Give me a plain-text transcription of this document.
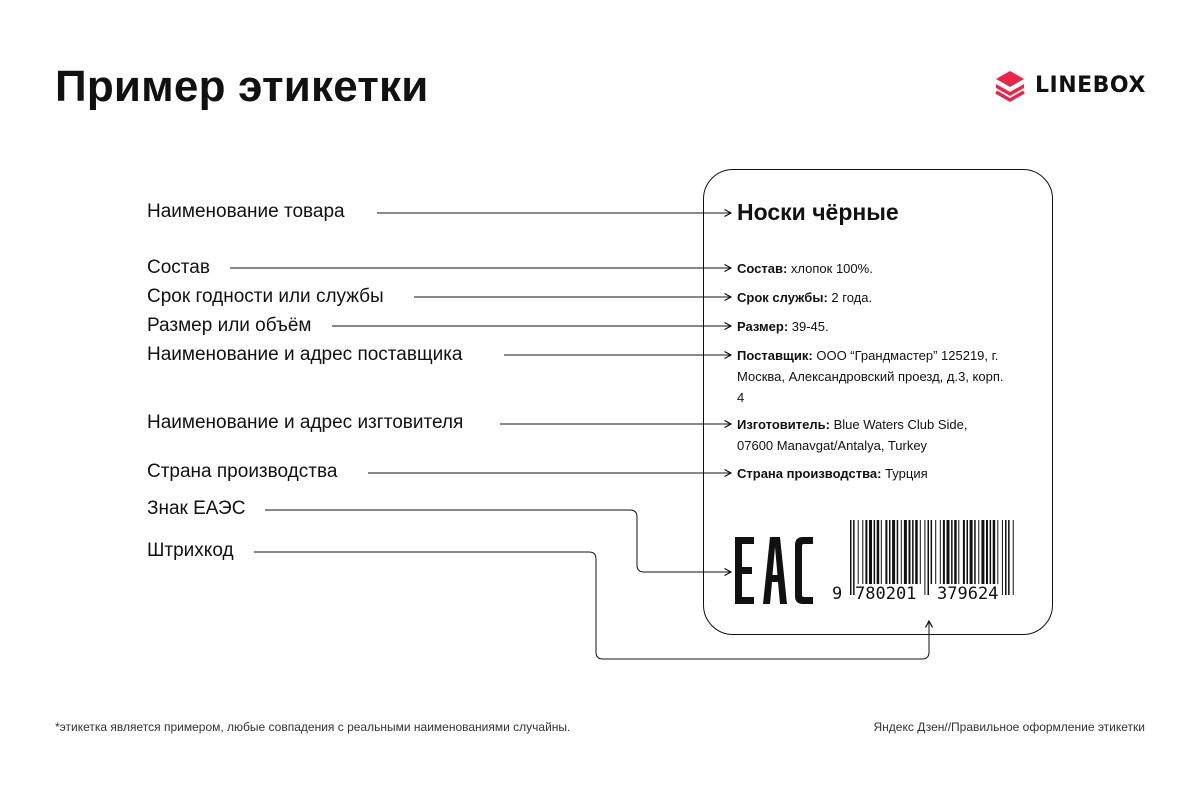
Пример этикетки	LINEBOX
Наименование товара
Состав
Срок годности или службы
Размер или объём
Наименование и адрес поставщика
Наименование и адрес изгтовителя
Страна производства
Знак ЕАЭС
Штрихкод
Носки чёрные
Состав: хлопок 100%.
Срок службы: 2 года.
Размер: 39-45.
Поставщик: ООО “Грандмастер” 125219, г. Москва, Александровский проезд, д.3, корп. 4
Изготовитель: Blue Waters Club Side, 07600 Manavgat/Antalya, Turkey
Страна производства: Турция
9 780201 379624
*этикетка является примером, любые совпадения с реальными наименованиями случайны.	Яндекс Дзен//Правильное оформление этикетки
